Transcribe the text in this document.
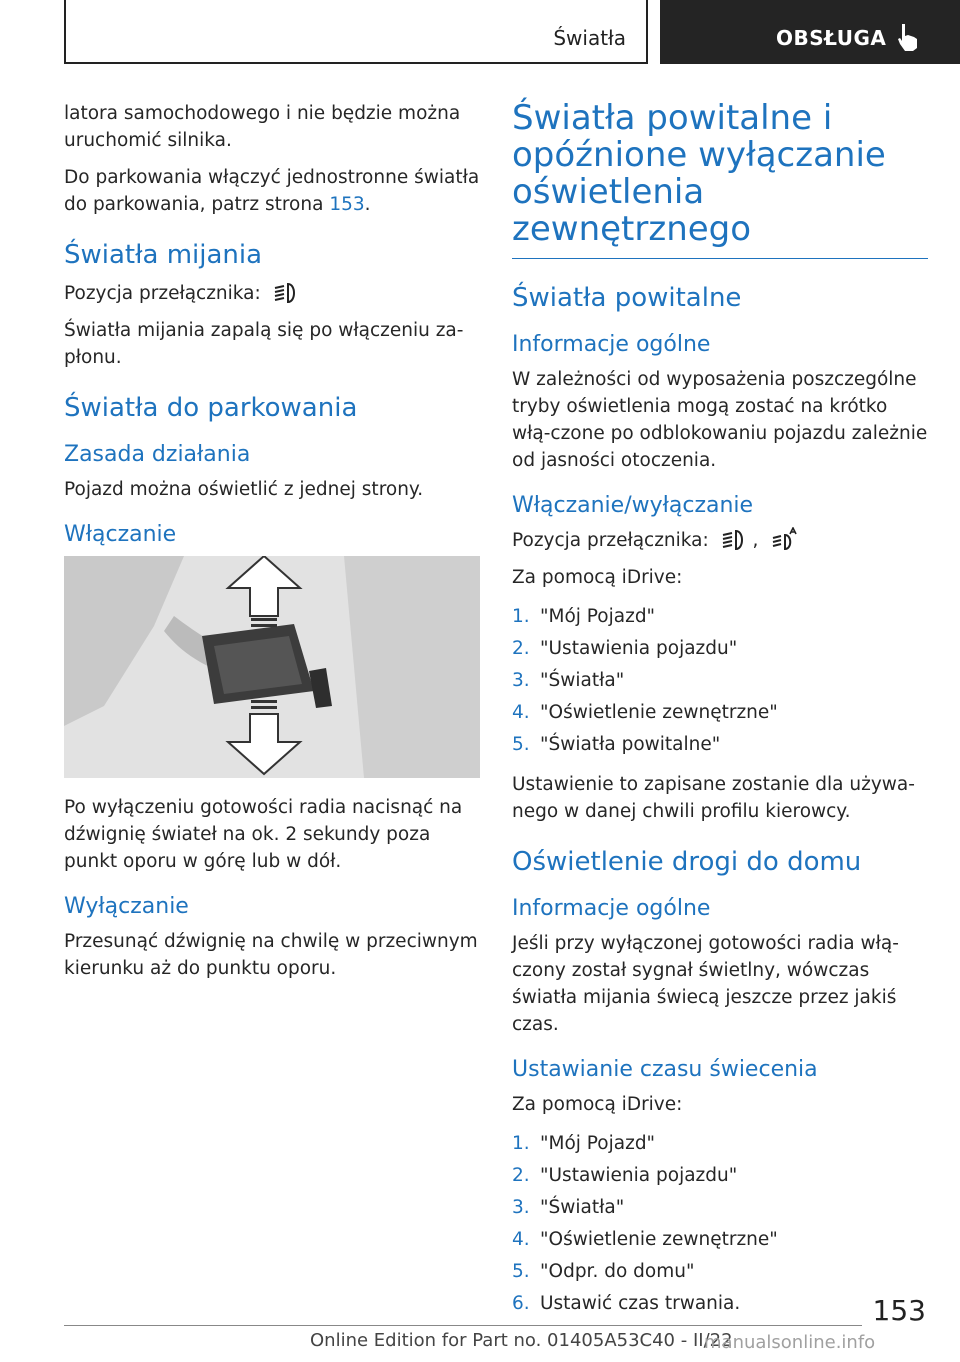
Światła	OBSŁUGA

latora samochodowego i nie będzie można uruchomić silnika.

Do parkowania włączyć jednostronne światła do parkowania, patrz strona 153.

Światła mijania

Pozycja przełącznika:

Światła mijania zapalą się po włączeniu za-płonu.

Światła do parkowania
Zasada działania

Pojazd można oświetlić z jednej strony.

Włączanie

Po wyłączeniu gotowości radia nacisnąć na dźwignię świateł na ok. 2 sekundy poza punkt oporu w górę lub w dół.

Wyłączanie

Przesunąć dźwignię na chwilę w przeciwnym kierunku aż do punktu oporu.

Światła powitalne i opóźnione wyłączanie oświetlenia zewnętrznego
Światła powitalne
Informacje ogólne

W zależności od wyposażenia poszczególne tryby oświetlenia mogą zostać na krótko włą-czone po odblokowaniu pojazdu zależnie od jasności otoczenia.

Włączanie/wyłączanie

Pozycja przełącznika: ,

Za pomocą iDrive:

1. "Mój Pojazd"
2. "Ustawienia pojazdu"
3. "Światła"
4. "Oświetlenie zewnętrzne"
5. "Światła powitalne"

Ustawienie to zapisane zostanie dla używa-nego w danej chwili profilu kierowcy.

Oświetlenie drogi do domu
Informacje ogólne

Jeśli przy wyłączonej gotowości radia włą-czony został sygnał świetlny, wówczas światła mijania świecą jeszcze przez jakiś czas.

Ustawianie czasu świecenia

Za pomocą iDrive:

1. "Mój Pojazd"
2. "Ustawienia pojazdu"
3. "Światła"
4. "Oświetlenie zewnętrzne"
5. "Odpr. do domu"
6. Ustawić czas trwania.	153
Online Edition for Part no. 01405A53C40 - II/22
manualsonline.info
